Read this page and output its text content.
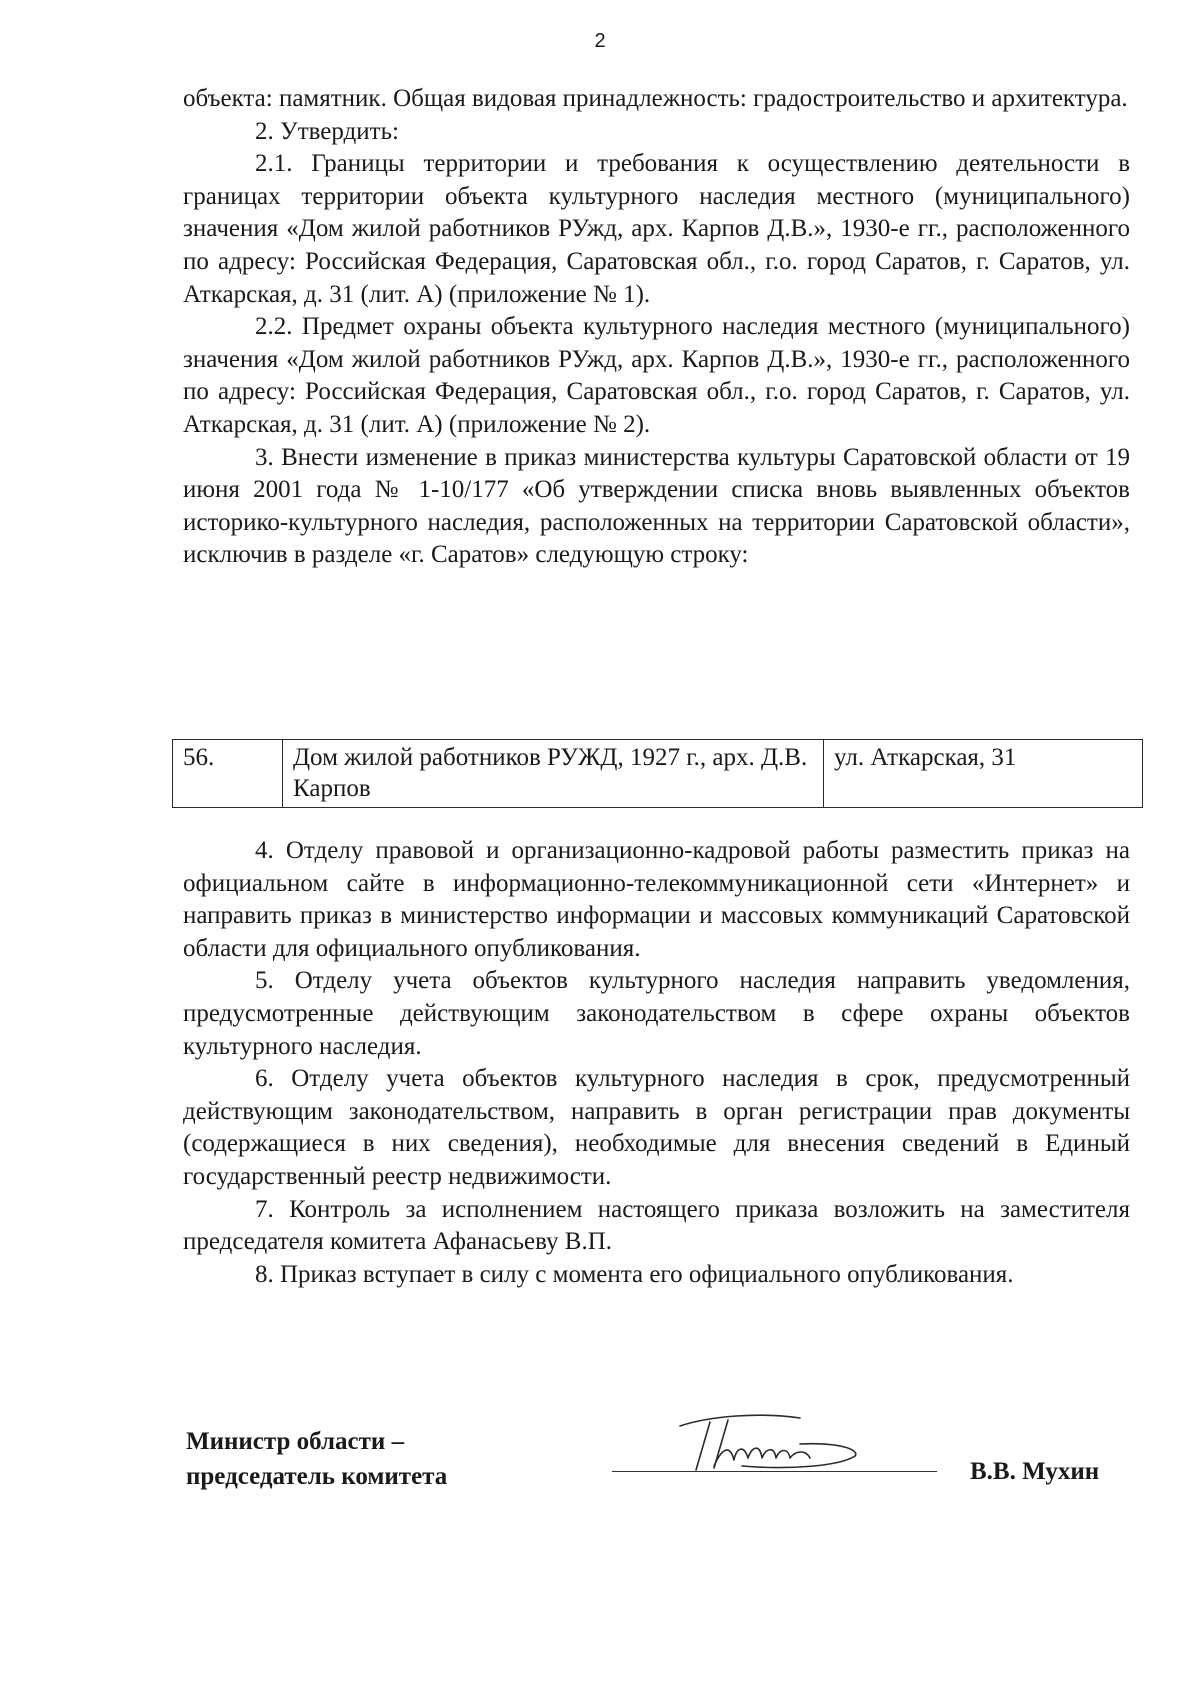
2

объекта: памятник. Общая видовая принадлежность: градостроительство и архитектура.

2. Утвердить:

2.1. Границы территории и требования к осуществлению деятельности в границах территории объекта культурного наследия местного (муниципального) значения «Дом жилой работников РУжд, арх. Карпов Д.В.», 1930-е гг., расположенного по адресу: Российская Федерация, Саратовская обл., г.о. город Саратов, г. Саратов, ул. Аткарская, д. 31 (лит. А) (приложение № 1).

2.2. Предмет охраны объекта культурного наследия местного (муниципального) значения «Дом жилой работников РУжд, арх. Карпов Д.В.», 1930-е гг., расположенного по адресу: Российская Федерация, Саратовская обл., г.о. город Саратов, г. Саратов, ул. Аткарская, д. 31 (лит. А) (приложение № 2).

3. Внести изменение в приказ министерства культуры Саратовской области от 19 июня 2001 года № 1-10/177 «Об утверждении списка вновь выявленных объектов историко-культурного наследия, расположенных на территории Саратовской области», исключив в разделе «г. Саратов» следующую строку:

56.	Дом жилой работников РУЖД, 1927 г., арх. Д.В. Карпов	ул. Аткарская, 31

4. Отделу правовой и организационно-кадровой работы разместить приказ на официальном сайте в информационно-телекоммуникационной сети «Интернет» и направить приказ в министерство информации и массовых коммуникаций Саратовской области для официального опубликования.

5. Отделу учета объектов культурного наследия направить уведомления, предусмотренные действующим законодательством в сфере охраны объектов культурного наследия.

6. Отделу учета объектов культурного наследия в срок, предусмотренный действующим законодательством, направить в орган регистрации прав документы (содержащиеся в них сведения), необходимые для внесения сведений в Единый государственный реестр недвижимости.

7. Контроль за исполнением настоящего приказа возложить на заместителя председателя комитета Афанасьеву В.П.

8. Приказ вступает в силу с момента его официального опубликования.

Министр области –
председатель комитета	В.В. Мухин
